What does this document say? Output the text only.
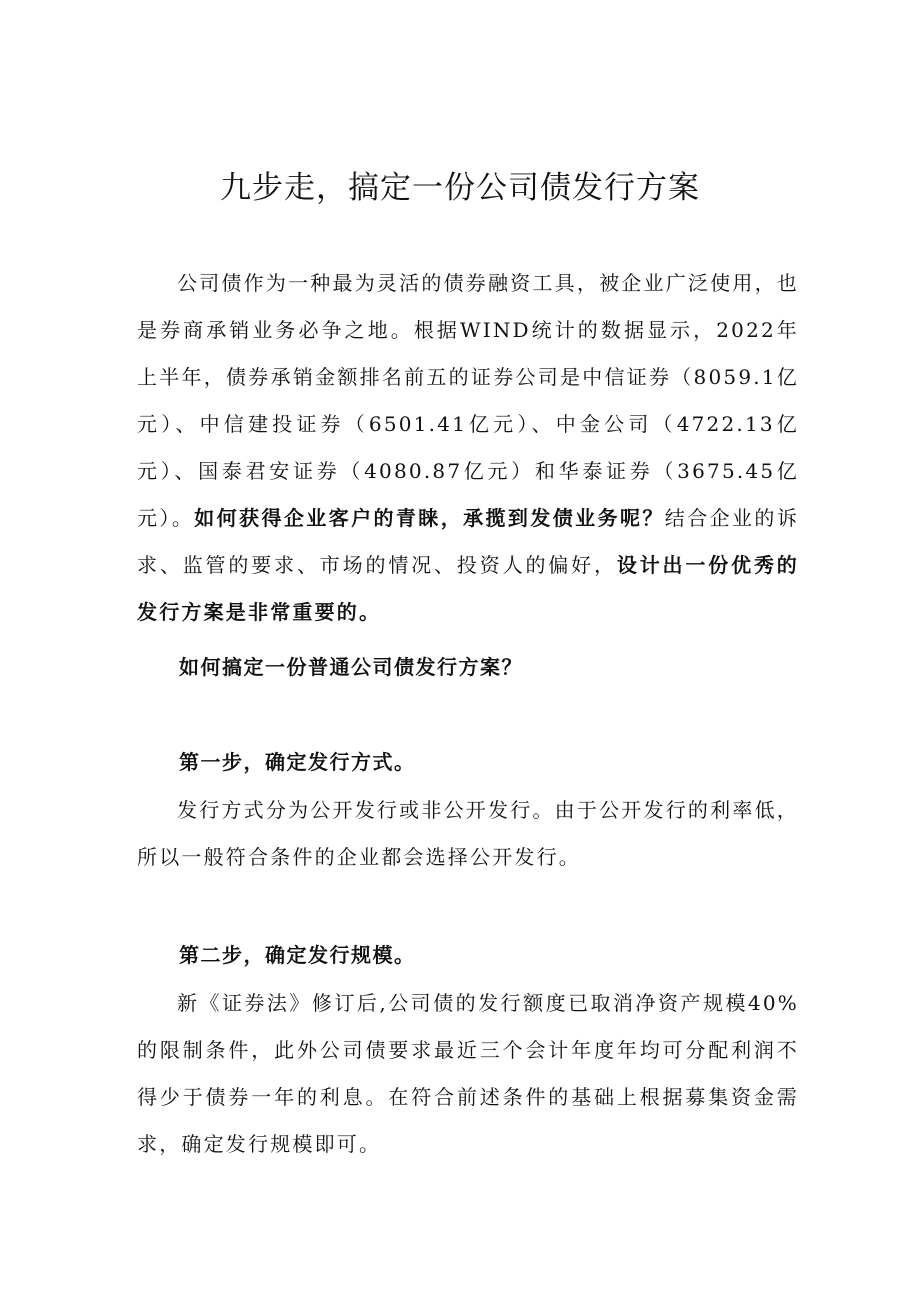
九步走，搞定一份公司债发行方案

公司债作为一种最为灵活的债券融资工具，被企业广泛使用，也是券商承销业务必争之地。根据WIND统计的数据显示，2022年上半年，债券承销金额排名前五的证券公司是中信证券（8059.1亿元）、中信建投证券（6501.41亿元）、中金公司（4722.13亿元）、国泰君安证券（4080.87亿元）和华泰证券（3675.45亿元）。如何获得企业客户的青睐，承揽到发债业务呢？结合企业的诉求、监管的要求、市场的情况、投资人的偏好，设计出一份优秀的发行方案是非常重要的。

如何搞定一份普通公司债发行方案？

第一步，确定发行方式。

发行方式分为公开发行或非公开发行。由于公开发行的利率低，所以一般符合条件的企业都会选择公开发行。

第二步，确定发行规模。

新《证券法》修订后,公司债的发行额度已取消净资产规模40%的限制条件，此外公司债要求最近三个会计年度年均可分配利润不得少于债券一年的利息。在符合前述条件的基础上根据募集资金需求，确定发行规模即可。
